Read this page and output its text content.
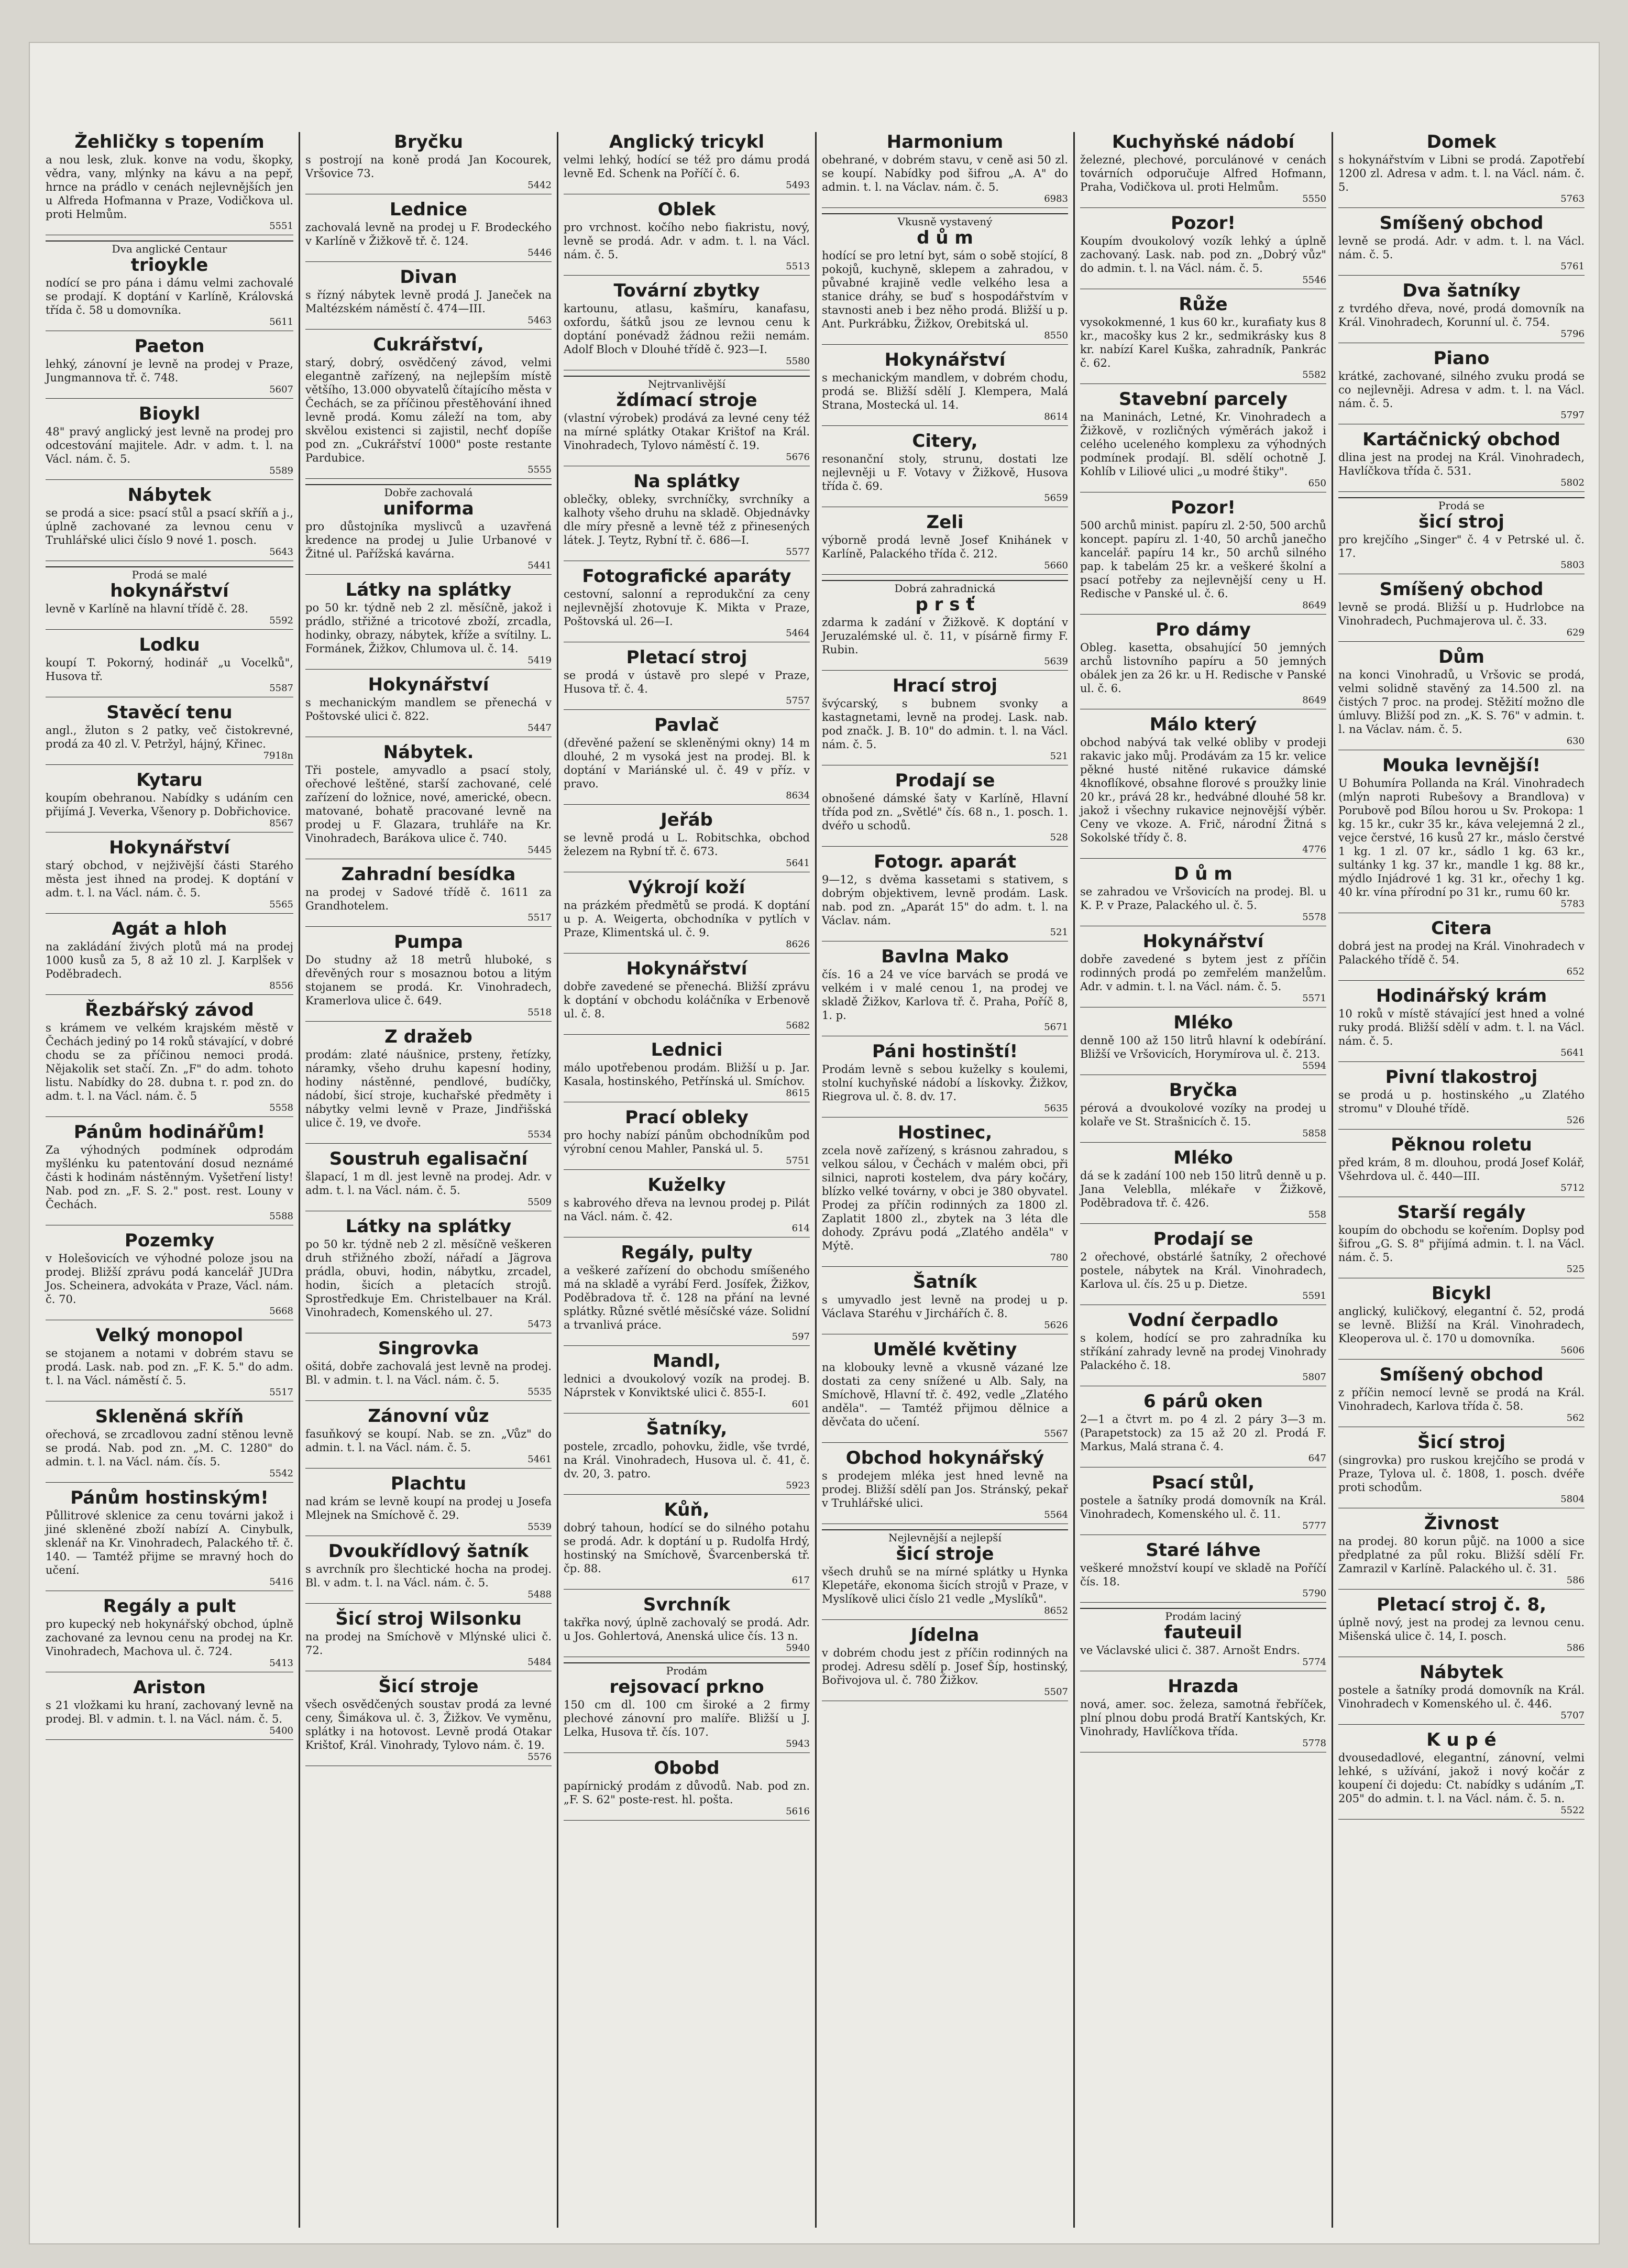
Žehličky s topením
a nou lesk, zluk. konve na vodu, škopky, vědra, vany, mlýnky na kávu a na pepř, hrnce na prádlo v cenách nejlevnějších jen u Alfreda Hofmanna v Praze, Vodičkova ul. proti Helmům.
5551
Dva anglické Centaur
trioykle
nodící se pro pána i dámu velmi zachovalé se prodají. K doptání v Karlíně, Královská třída č. 58 u domovníka.
5611
Paeton
lehký, zánovní je levně na prodej v Praze, Jungmannova tř. č. 748.
5607
Bioykl
48" pravý anglický jest levně na prodej pro odcestování majitele. Adr. v adm. t. l. na Václ. nám. č. 5.
5589
Nábytek
se prodá a sice: psací stůl a psací skříň a j., úplně zachované za levnou cenu v Truhlářské ulici číslo 9 nové 1. posch.
5643
Prodá se malé
hokynářství
levně v Karlíně na hlavní třídě č. 28.
5592
Lodku
koupí T. Pokorný, hodinář „u Vocelků", Husova tř.
5587
Stavěcí tenu
angl., žluton s 2 patky, več čistokrevné, prodá za 40 zl. V. Petržyl, hájný, Křinec.
7918n
Kytaru
koupím obehranou. Nabídky s udáním cen přijímá J. Veverka, Všenory p. Dobřichovice.
8567
Hokynářství
starý obchod, v nejživější části Starého města jest ihned na prodej. K doptání v adm. t. l. na Václ. nám. č. 5.
5565
Agát a hloh
na zakládání živých plotů má na prodej 1000 kusů za 5, 8 až 10 zl. J. Karplšek v Poděbradech.
8556
Řezbářský závod
s krámem ve velkém krajském městě v Čechách jediný po 14 roků stávající, v dobré chodu se za příčinou nemoci prodá. Nějakolik set stačí. Zn. „F" do adm. tohoto listu. Nabídky do 28. dubna t. r. pod zn. do adm. t. l. na Václ. nám. č. 5
5558
Pánům hodinářům!
Za výhodných podmínek odprodám myšlénku ku patentování dosud neznámé části k hodinám nástěnným. Vyšetření listy! Nab. pod zn. „F. S. 2." post. rest. Louny v Čechách.
5588
Pozemky
v Holešovicích ve výhodné poloze jsou na prodej. Bližší zprávu podá kancelář JUDra Jos. Scheinera, advokáta v Praze, Václ. nám. č. 70.
5668
Velký monopol
se stojanem a notami v dobrém stavu se prodá. Lask. nab. pod zn. „F. K. 5." do adm. t. l. na Václ. náměstí č. 5.
5517
Skleněná skříň
ořechová, se zrcadlovou zadní stěnou levně se prodá. Nab. pod zn. „M. C. 1280" do admin. t. l. na Václ. nám. čís. 5.
5542
Pánům hostinským!
Půllitrové sklenice za cenu továrni jakož i jiné skleněné zboží nabízí A. Cinybulk, sklenář na Kr. Vinohradech, Palackého tř. č. 140. — Tamtéž přijme se mravný hoch do učení.
5416
Regály a pult
pro kupecký neb hokynářský obchod, úplně zachované za levnou cenu na prodej na Kr. Vinohradech, Machova ul. č. 724.
5413
Ariston
s 21 vložkami ku hraní, zachovaný levně na prodej. Bl. v admin. t. l. na Václ. nám. č. 5.
5400
Bryčku
s postrojí na koně prodá Jan Kocourek, Vršovice 73.
5442
Lednice
zachovalá levně na prodej u F. Brodeckého v Karlíně v Žižkově tř. č. 124.
5446
Divan
s řízný nábytek levně prodá J. Janeček na Maltézském náměstí č. 474—III.
5463
Cukrářství,
starý, dobrý, osvědčený závod, velmi elegantně zařízený, na nejlepším místě většího, 13.000 obyvatelů čítajícího města v Čechách, se za příčinou přestěhování ihned levně prodá. Komu záleží na tom, aby skvělou existenci si zajistil, nechť dopíše pod zn. „Cukrářství 1000" poste restante Pardubice.
5555
Dobře zachovalá
uniforma
pro důstojníka myslivců a uzavřená kredence na prodej u Julie Urbanové v Žitné ul. Pařížská kavárna.
5441
Látky na splátky
po 50 kr. týdně neb 2 zl. měsíčně, jakož i prádlo, střižné a tricotové zboží, zrcadla, hodinky, obrazy, nábytek, kříže a svítilny. L. Formánek, Žižkov, Chlumova ul. č. 14.
5419
Hokynářství
s mechanickým mandlem se přenechá v Poštovské ulici č. 822.
5447
Nábytek.
Tři postele, amyvadlo a psací stoly, ořechové leštěné, starší zachované, celé zařízení do ložnice, nové, americké, obecn. matované, bohatě pracované levně na prodej u F. Glazara, truhláře na Kr. Vinohradech, Barákova ulice č. 740.
5445
Zahradní besídka
na prodej v Sadové třídě č. 1611 za Grandhotelem.
5517
Pumpa
Do studny až 18 metrů hluboké, s dřevěných rour s mosaznou botou a litým stojanem se prodá. Kr. Vinohradech, Kramerlova ulice č. 649.
5518
Z dražeb
prodám: zlaté náušnice, prsteny, řetízky, náramky, všeho druhu kapesní hodiny, hodiny nástěnné, pendlové, budíčky, nádobí, šicí stroje, kuchařské předměty i nábytky velmi levně v Praze, Jindřišská ulice č. 19, ve dvoře.
5534
Soustruh egalisační
šlapací, 1 m dl. jest levně na prodej. Adr. v adm. t. l. na Václ. nám. č. 5.
5509
Látky na splátky
po 50 kr. týdně neb 2 zl. měsíčně veškeren druh střižného zboží, nářadí a Jägrova prádla, obuvi, hodin, nábytku, zrcadel, hodin, šicích a pletacích strojů. Sprostředkuje Em. Christelbauer na Král. Vinohradech, Komenského ul. 27.
5473
Singrovka
ošitá, dobře zachovalá jest levně na prodej. Bl. v admin. t. l. na Václ. nám. č. 5.
5535
Zánovní vůz
fasuňkový se koupí. Nab. se zn. „Vůz" do admin. t. l. na Václ. nám. č. 5.
5461
Plachtu
nad krám se levně koupí na prodej u Josefa Mlejnek na Smíchově č. 29.
5539
Dvoukřídlový šatník
s avrchník pro šlechtické hocha na prodej. Bl. v adm. t. l. na Václ. nám. č. 5.
5488
Šicí stroj Wilsonku
na prodej na Smíchově v Mlýnské ulici č. 72.
5484
Šicí stroje
všech osvědčených soustav prodá za levné ceny, Šimákova ul. č. 3, Žižkov. Ve vyměnu, splátky i na hotovost. Levně prodá Otakar Krištof, Král. Vinohrady, Tylovo nám. č. 19.
5576
Anglický tricykl
velmi lehký, hodící se též pro dámu prodá levně Ed. Schenk na Poříčí č. 6.
5493
Oblek
pro vrchnost. kočího nebo fiakristu, nový, levně se prodá. Adr. v adm. t. l. na Václ. nám. č. 5.
5513
Tovární zbytky
kartounu, atlasu, kašmíru, kanafasu, oxfordu, šátků jsou ze levnou cenu k doptání ponévadž žádnou režii nemám. Adolf Bloch v Dlouhé třídě č. 923—I.
5580
Nejtrvanlivější
ždímací stroje
(vlastní výrobek) prodává za levné ceny též na mírné splátky Otakar Krištof na Král. Vinohradech, Tylovo náměstí č. 19.
5676
Na splátky
oblečky, obleky, svrchníčky, svrchníky a kalhoty všeho druhu na skladě. Objednávky dle míry přesně a levně též z přinesených látek. J. Teytz, Rybní tř. č. 686—I.
5577
Fotografické aparáty
cestovní, salonní a reprodukční za ceny nejlevnější zhotovuje K. Mikta v Praze, Poštovská ul. 26—I.
5464
Pletací stroj
se prodá v ústavě pro slepé v Praze, Husova tř. č. 4.
5757
Pavlač
(dřevěné pažení se skleněnými okny) 14 m dlouhé, 2 m vysoká jest na prodej. Bl. k doptání v Mariánské ul. č. 49 v příz. v pravo.
8634
Jeřáb
se levně prodá u L. Robitschka, obchod železem na Rybní tř. č. 673.
5641
Výkrojí koží
na prázkém předmětů se prodá. K doptání u p. A. Weigerta, obchodníka v pytlích v Praze, Klimentská ul. č. 9.
8626
Hokynářství
dobře zavedené se přenechá. Bližší zprávu k doptání v obchodu koláčníka v Erbenově ul. č. 8.
5682
Lednici
málo upotřebenou prodám. Bližší u p. Jar. Kasala, hostinského, Petřínská ul. Smíchov.
8615
Prací obleky
pro hochy nabízí pánům obchodníkům pod výrobní cenou Mahler, Panská ul. 5.
5751
Kuželky
s kabrového dřeva na levnou prodej p. Pilát na Václ. nám. č. 42.
614
Regály, pulty
a veškeré zařízení do obchodu smíšeného má na skladě a vyrábí Ferd. Josífek, Žižkov, Poděbradova tř. č. 128 na přání na levné splátky. Různé světlé měsíčské váze. Solidní a trvanlivá práce.
597
Mandl,
lednici a dvoukolový vozík na prodej. B. Náprstek v Konviktské ulici č. 855-I.
601
Šatníky,
postele, zrcadlo, pohovku, židle, vše tvrdé, na Král. Vinohradech, Husova ul. č. 41, č. dv. 20, 3. patro.
5923
Kůň,
dobrý tahoun, hodící se do silného potahu se prodá. Adr. k doptání u p. Rudolfa Hrdý, hostinský na Smíchově, Švarcenberská tř. čp. 88.
617
Svrchník
takřka nový, úplně zachovalý se prodá. Adr. u Jos. Gohlertová, Anenská ulice čís. 13 n.
5940
Prodám
rejsovací prkno
150 cm dl. 100 cm široké a 2 firmy plechové zánovní pro malíře. Bližší u J. Lelka, Husova tř. čís. 107.
5943
Obobd
papírnický prodám z důvodů. Nab. pod zn. „F. S. 62" poste-rest. hl. pošta.
5616
Harmonium
obehrané, v dobrém stavu, v ceně asi 50 zl. se koupí. Nabídky pod šifrou „A. A" do admin. t. l. na Václav. nám. č. 5.
6983
Vkusně vystavený
d ů m
hodící se pro letní byt, sám o sobě stojící, 8 pokojů, kuchyně, sklepem a zahradou, v půvabné krajině vedle velkého lesa a stanice dráhy, se buď s hospodářstvím v stavnosti aneb i bez něho prodá. Bližší u p. Ant. Purkrábku, Žižkov, Orebitská ul.
8550
Hokynářství
s mechanickým mandlem, v dobrém chodu, prodá se. Bližší sdělí J. Klempera, Malá Strana, Mostecká ul. 14.
8614
Citery,
resonanční stoly, strunu, dostati lze nejlevněji u F. Votavy v Žižkově, Husova třída č. 69.
5659
Zeli
výborně prodá levně Josef Knihánek v Karlíně, Palackého třída č. 212.
5660
Dobrá zahradnická
p r s ť
zdarma k zadání v Žižkově. K doptání v Jeruzalémské ul. č. 11, v písárně firmy F. Rubin.
5639
Hrací stroj
švýcarský, s bubnem svonky a kastagnetami, levně na prodej. Lask. nab. pod značk. J. B. 10" do admin. t. l. na Václ. nám. č. 5.
521
Prodají se
obnošené dámské šaty v Karlíně, Hlavní třída pod zn. „Světlé" čís. 68 n., 1. posch. 1. dvéřo u schodů.
528
Fotogr. aparát
9—12, s dvěma kassetami s stativem, s dobrým objektivem, levně prodám. Lask. nab. pod zn. „Aparát 15" do adm. t. l. na Václav. nám.
521
Bavlna Mako
čís. 16 a 24 ve více barvách se prodá ve velkém i v malé cenou 1, na prodej ve skladě Žižkov, Karlova tř. č. Praha, Poříč 8, 1. p.
5671
Páni hostinští!
Prodám levně s sebou kuželky s koulemi, stolní kuchyňské nádobí a lískovky. Žižkov, Riegrova ul. č. 8. dv. 17.
5635
Hostinec,
zcela nově zařízený, s krásnou zahradou, s velkou sálou, v Čechách v malém obci, při silnici, naproti kostelem, dva páry kočáry, blízko velké továrny, v obci je 380 obyvatel. Prodej za příčin rodinných za 1800 zl. Zaplatit 1800 zl., zbytek na 3 léta dle dohody. Zprávu podá „Zlatého anděla" v Mýtě.
780
Šatník
s umyvadlo jest levně na prodej u p. Václava Staréhu v Jirchářích č. 8.
5626
Umělé květiny
na klobouky levně a vkusně vázané lze dostati za ceny snížené u Alb. Saly, na Smíchově, Hlavní tř. č. 492, vedle „Zlatého anděla". — Tamtéž přijmou dělnice a děvčata do učení.
5567
Obchod hokynářský
s prodejem mléka jest hned levně na prodej. Bližší sdělí pan Jos. Stránský, pekař v Truhlářské ulici.
5564
Nejlevnější a nejlepší
šicí stroje
všech druhů se na mírné splátky u Hynka Klepetáře, ekonoma šicích strojů v Praze, v Myslíkově ulici číslo 21 vedle „Myslíků".
8652
Jídelna
v dobrém chodu jest z příčin rodinných na prodej. Adresu sdělí p. Josef Šíp, hostinský, Bořivojova ul. č. 780 Žižkov.
5507
Kuchyňské nádobí
železné, plechové, porculánové v cenách továrních odporučuje Alfred Hofmann, Praha, Vodičkova ul. proti Helmům.
5550
Pozor!
Koupím dvoukolový vozík lehký a úplně zachovaný. Lask. nab. pod zn. „Dobrý vůz" do admin. t. l. na Václ. nám. č. 5.
5546
Růže
vysokokmenné, 1 kus 60 kr., kurafiaty kus 8 kr., macošky kus 2 kr., sedmikrásky kus 8 kr. nabízí Karel Kuška, zahradník, Pankrác č. 62.
5582
Stavební parcely
na Maninách, Letné, Kr. Vinohradech a Žižkově, v rozličných výměrách jakož i celého uceleného komplexu za výhodných podmínek prodají. Bl. sdělí ochotně J. Kohlíb v Liliové ulici „u modré štiky".
650
Pozor!
500 archů minist. papíru zl. 2·50, 500 archů koncept. papíru zl. 1·40, 50 archů janečho kancelář. papíru 14 kr., 50 archů silného pap. k tabelám 25 kr. a veškeré školní a psací potřeby za nejlevnější ceny u H. Redische v Panské ul. č. 6.
8649
Pro dámy
Obleg. kasetta, obsahující 50 jemných archů listovního papíru a 50 jemných obálek jen za 26 kr. u H. Redische v Panské ul. č. 6.
8649
Málo který
obchod nabývá tak velké obliby v prodeji rakavic jako můj. Prodávám za 15 kr. velice pěkné husté nitěné rukavice dámské 4knoflíkové, obsahne florové s proužky linie 20 kr., prává 28 kr., hedvábné dlouhé 58 kr. jakož i všechny rukavice nejnovější výběr. Ceny ve vkoze. A. Frič, národní Žitná s Sokolské třídy č. 8.
4776
D ů m
se zahradou ve Vršovicích na prodej. Bl. u K. P. v Praze, Palackého ul. č. 5.
5578
Hokynářství
dobře zavedené s bytem jest z příčin rodinných prodá po zemřelém manželům. Adr. v admin. t. l. na Václ. nám. č. 5.
5571
Mléko
denně 100 až 150 litrů hlavní k odebírání. Bližší ve Vršovicích, Horymírova ul. č. 213.
5594
Bryčka
pérová a dvoukolové vozíky na prodej u kolaře ve St. Strašnicích č. 15.
5858
Mléko
dá se k zadání 100 neb 150 litrů denně u p. Jana Veleblla, mlékaře v Žižkově, Poděbradova tř. č. 426.
558
Prodají se
2 ořechové, obstárlé šatníky, 2 ořechové postele, nábytek na Král. Vinohradech, Karlova ul. čís. 25 u p. Dietze.
5591
Vodní čerpadlo
s kolem, hodící se pro zahradníka ku stříkání zahrady levně na prodej Vinohrady Palackého č. 18.
5807
6 párů oken
2—1 a čtvrt m. po 4 zl. 2 páry 3—3 m. (Parapetstock) za 15 až 20 zl. Prodá F. Markus, Malá strana č. 4.
647
Psací stůl,
postele a šatníky prodá domovník na Král. Vinohradech, Komenského ul. č. 11.
5777
Staré láhve
veškeré množství koupí ve skladě na Poříčí čís. 18.
5790
Prodám laciný
fauteuil
ve Václavské ulici č. 387. Arnošt Endrs.
5774
Hrazda
nová, amer. soc. železa, samotná řebříček, plní plnou dobu prodá Bratří Kantských, Kr. Vinohrady, Havlíčkova třída.
5778
Domek
s hokynářstvím v Libni se prodá. Zapotřebí 1200 zl. Adresa v adm. t. l. na Václ. nám. č. 5.
5763
Smíšený obchod
levně se prodá. Adr. v adm. t. l. na Václ. nám. č. 5.
5761
Dva šatníky
z tvrdého dřeva, nové, prodá domovník na Král. Vinohradech, Korunní ul. č. 754.
5796
Piano
krátké, zachované, silného zvuku prodá se co nejlevněji. Adresa v adm. t. l. na Václ. nám. č. 5.
5797
Kartáčnický obchod
dlina jest na prodej na Král. Vinohradech, Havlíčkova třída č. 531.
5802
Prodá se
šicí stroj
pro krejčího „Singer" č. 4 v Petrské ul. č. 17.
5803
Smíšený obchod
levně se prodá. Bližší u p. Hudrlobce na Vinohradech, Puchmajerova ul. č. 33.
629
Dům
na konci Vinohradů, u Vršovic se prodá, velmi solidně stavěný za 14.500 zl. na čistých 7 proc. na prodej. Stěžití možno dle úmluvy. Bližší pod zn. „K. S. 76" v admin. t. l. na Václav. nám. č. 5.
630
Mouka levnější!
U Bohumíra Pollanda na Král. Vinohradech (mlýn naproti Rubešovy a Brandlova) v Porubově pod Bílou horou u Sv. Prokopa: 1 kg. 15 kr., cukr 35 kr., káva velejemná 2 zl., vejce čerstvé, 16 kusů 27 kr., máslo čerstvé 1 kg. 1 zl. 07 kr., sádlo 1 kg. 63 kr., sultánky 1 kg. 37 kr., mandle 1 kg. 88 kr., mýdlo Injádrové 1 kg. 31 kr., ořechy 1 kg. 40 kr. vína přírodní po 31 kr., rumu 60 kr.
5783
Citera
dobrá jest na prodej na Král. Vinohradech v Palackého třídě č. 54.
652
Hodinářský krám
10 roků v místě stávající jest hned a volné ruky prodá. Bližší sdělí v adm. t. l. na Václ. nám. č. 5.
5641
Pivní tlakostroj
se prodá u p. hostinského „u Zlatého stromu" v Dlouhé třídě.
526
Pěknou roletu
před krám, 8 m. dlouhou, prodá Josef Kolář, Všehrdova ul. č. 440—III.
5712
Starší regály
koupím do obchodu se kořením. Doplsy pod šifrou „G. S. 8" přijímá admin. t. l. na Václ. nám. č. 5.
525
Bicykl
anglický, kuličkový, elegantní č. 52, prodá se levně. Bližší na Král. Vinohradech, Kleoperova ul. č. 170 u domovníka.
5606
Smíšený obchod
z příčin nemocí levně se prodá na Král. Vinohradech, Karlova třída č. 58.
562
Šicí stroj
(singrovka) pro ruskou krejčího se prodá v Praze, Tylova ul. č. 1808, 1. posch. dvéře proti schodům.
5804
Živnost
na prodej. 80 korun půjč. na 1000 a sice předplatné za půl roku. Bližší sdělí Fr. Zamrazil v Karlíně. Palackého ul. č. 31.
586
Pletací stroj č. 8,
úplně nový, jest na prodej za levnou cenu. Mišenská ulice č. 14, I. posch.
586
Nábytek
postele a šatníky prodá domovník na Král. Vinohradech v Komenského ul. č. 446.
5707
K u p é
dvousedadlové, elegantní, zánovní, velmi lehké, s užívání, jakož i nový kočár z koupení či dojedu: Ct. nabídky s udáním „T. 205" do admin. t. l. na Václ. nám. č. 5. n.
5522
